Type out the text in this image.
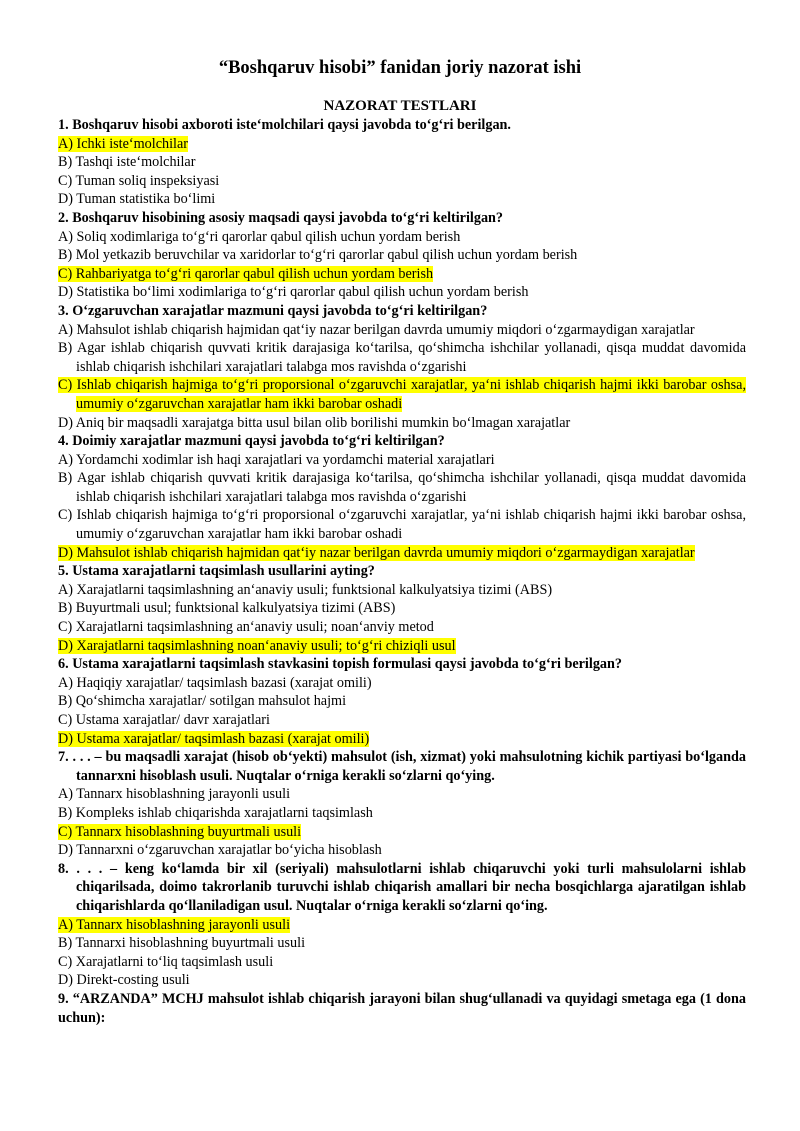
“Boshqaruv hisobi” fanidan joriy nazorat ishi
NAZORAT TESTLARI
1. Boshqaruv hisobi axboroti iste‘molchilari qaysi javobda to‘g‘ri berilgan.
A) Ichki iste‘molchilar
B) Tashqi iste‘molchilar
C) Tuman soliq inspeksiyasi
D) Tuman statistika bo‘limi
2. Boshqaruv hisobining asosiy maqsadi qaysi javobda to‘g‘ri keltirilgan?
A) Soliq xodimlariga to‘g‘ri qarorlar qabul qilish uchun yordam berish
B) Mol yetkazib beruvchilar va xaridorlar to‘g‘ri qarorlar qabul qilish uchun yordam berish
C) Rahbariyatga to‘g‘ri qarorlar qabul qilish uchun yordam berish
D) Statistika bo‘limi xodimlariga to‘g‘ri qarorlar qabul qilish uchun yordam berish
3. O‘zgaruvchan xarajatlar mazmuni qaysi javobda to‘g‘ri keltirilgan?
A) Mahsulot ishlab chiqarish hajmidan qat‘iy nazar berilgan davrda umumiy miqdori o‘zgarmaydigan xarajatlar
B) Agar ishlab chiqarish quvvati kritik darajasiga ko‘tarilsa, qo‘shimcha ishchilar yollanadi, qisqa muddat davomida ishlab chiqarish ishchilari xarajatlari talabga mos ravishda o‘zgarishi
C) Ishlab chiqarish hajmiga to‘g‘ri proporsional o‘zgaruvchi xarajatlar, ya‘ni ishlab chiqarish hajmi ikki barobar oshsa, umumiy o‘zgaruvchan xarajatlar ham ikki barobar oshadi
D) Aniq bir maqsadli xarajatga bitta usul bilan olib borilishi mumkin bo‘lmagan xarajatlar
4. Doimiy xarajatlar mazmuni qaysi javobda to‘g‘ri keltirilgan?
A) Yordamchi xodimlar ish haqi xarajatlari va yordamchi material xarajatlari
B) Agar ishlab chiqarish quvvati kritik darajasiga ko‘tarilsa, qo‘shimcha ishchilar yollanadi, qisqa muddat davomida ishlab chiqarish ishchilari xarajatlari talabga mos ravishda o‘zgarishi
C) Ishlab chiqarish hajmiga to‘g‘ri proporsional o‘zgaruvchi xarajatlar, ya‘ni ishlab chiqarish hajmi ikki barobar oshsa, umumiy o‘zgaruvchan xarajatlar ham ikki barobar oshadi
D) Mahsulot ishlab chiqarish hajmidan qat‘iy nazar berilgan davrda umumiy miqdori o‘zgarmaydigan xarajatlar
5. Ustama xarajatlarni taqsimlash usullarini ayting?
A) Xarajatlarni taqsimlashning an‘anaviy usuli; funktsional kalkulyatsiya tizimi (ABS)
B) Buyurtmali usul; funktsional kalkulyatsiya tizimi (ABS)
C) Xarajatlarni taqsimlashning an‘anaviy usuli; noan‘anviy metod
D) Xarajatlarni taqsimlashning noan‘anaviy usuli; to‘g‘ri chiziqli usul
6. Ustama xarajatlarni taqsimlash stavkasini topish formulasi qaysi javobda to‘g‘ri berilgan?
A) Haqiqiy xarajatlar/ taqsimlash bazasi (xarajat omili)
B) Qo‘shimcha xarajatlar/ sotilgan mahsulot hajmi
C) Ustama xarajatlar/ davr xarajatlari
D) Ustama xarajatlar/ taqsimlash bazasi (xarajat omili)
7. . . . – bu maqsadli xarajat (hisob ob‘yekti) mahsulot (ish, xizmat) yoki mahsulotning kichik partiyasi bo‘lganda tannarxni hisoblash usuli. Nuqtalar o‘rniga kerakli so‘zlarni qo‘ying.
A) Tannarx hisoblashning jarayonli usuli
B) Kompleks ishlab chiqarishda xarajatlarni taqsimlash
C) Tannarx hisoblashning buyurtmali usuli
D) Tannarxni o‘zgaruvchan xarajatlar bo‘yicha hisoblash
8. . . . – keng ko‘lamda bir xil (seriyali) mahsulotlarni ishlab chiqaruvchi yoki turli mahsulolarni ishlab chiqarilsada, doimo takrorlanib turuvchi ishlab chiqarish amallari bir necha bosqichlarga ajaratilgan ishlab chiqarishlarda qo‘llaniladigan usul. Nuqtalar o‘rniga kerakli so‘zlarni qo‘ing.
A) Tannarx hisoblashning jarayonli usuli
B) Tannarxi hisoblashning buyurtmali usuli
C) Xarajatlarni to‘liq taqsimlash usuli
D) Direkt-costing usuli
9. “ARZANDA” MCHJ mahsulot ishlab chiqarish jarayoni bilan shug‘ullanadi va quyidagi smetaga ega (1 dona uchun):
